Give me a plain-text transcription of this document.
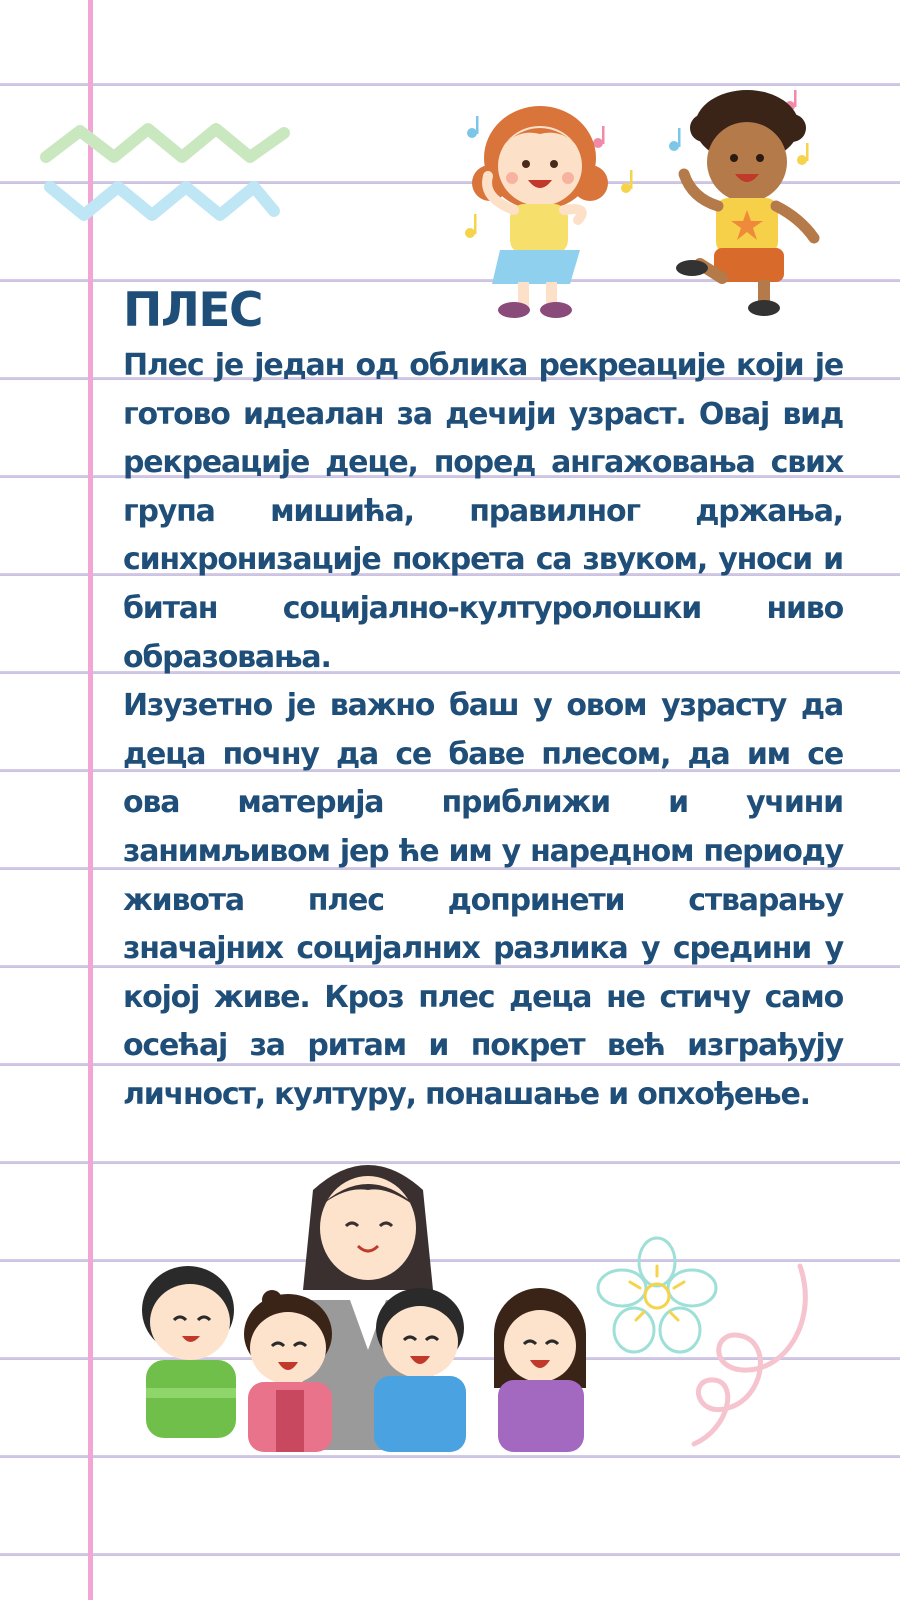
ПЛЕС

Плес је један од облика рекреације који је готово идеалан за дечији узраст. Овај вид рекреације деце, поред ангажовања свих група мишића, правилног држања, синхронизације покрета са звуком, уноси и битан социјално-културолошки ниво образовања.

Изузетно је важно баш у овом узрасту да деца почну да се баве плесом, да им се ова материја приближи и учини занимљивом јер ће им у наредном периоду живота плес допринети стварању значајних социјалних разлика у средини у којој живе. Кроз плес деца не стичу само осећај за ритам и покрет већ изграђују личност, културу, понашање и опхођење.
